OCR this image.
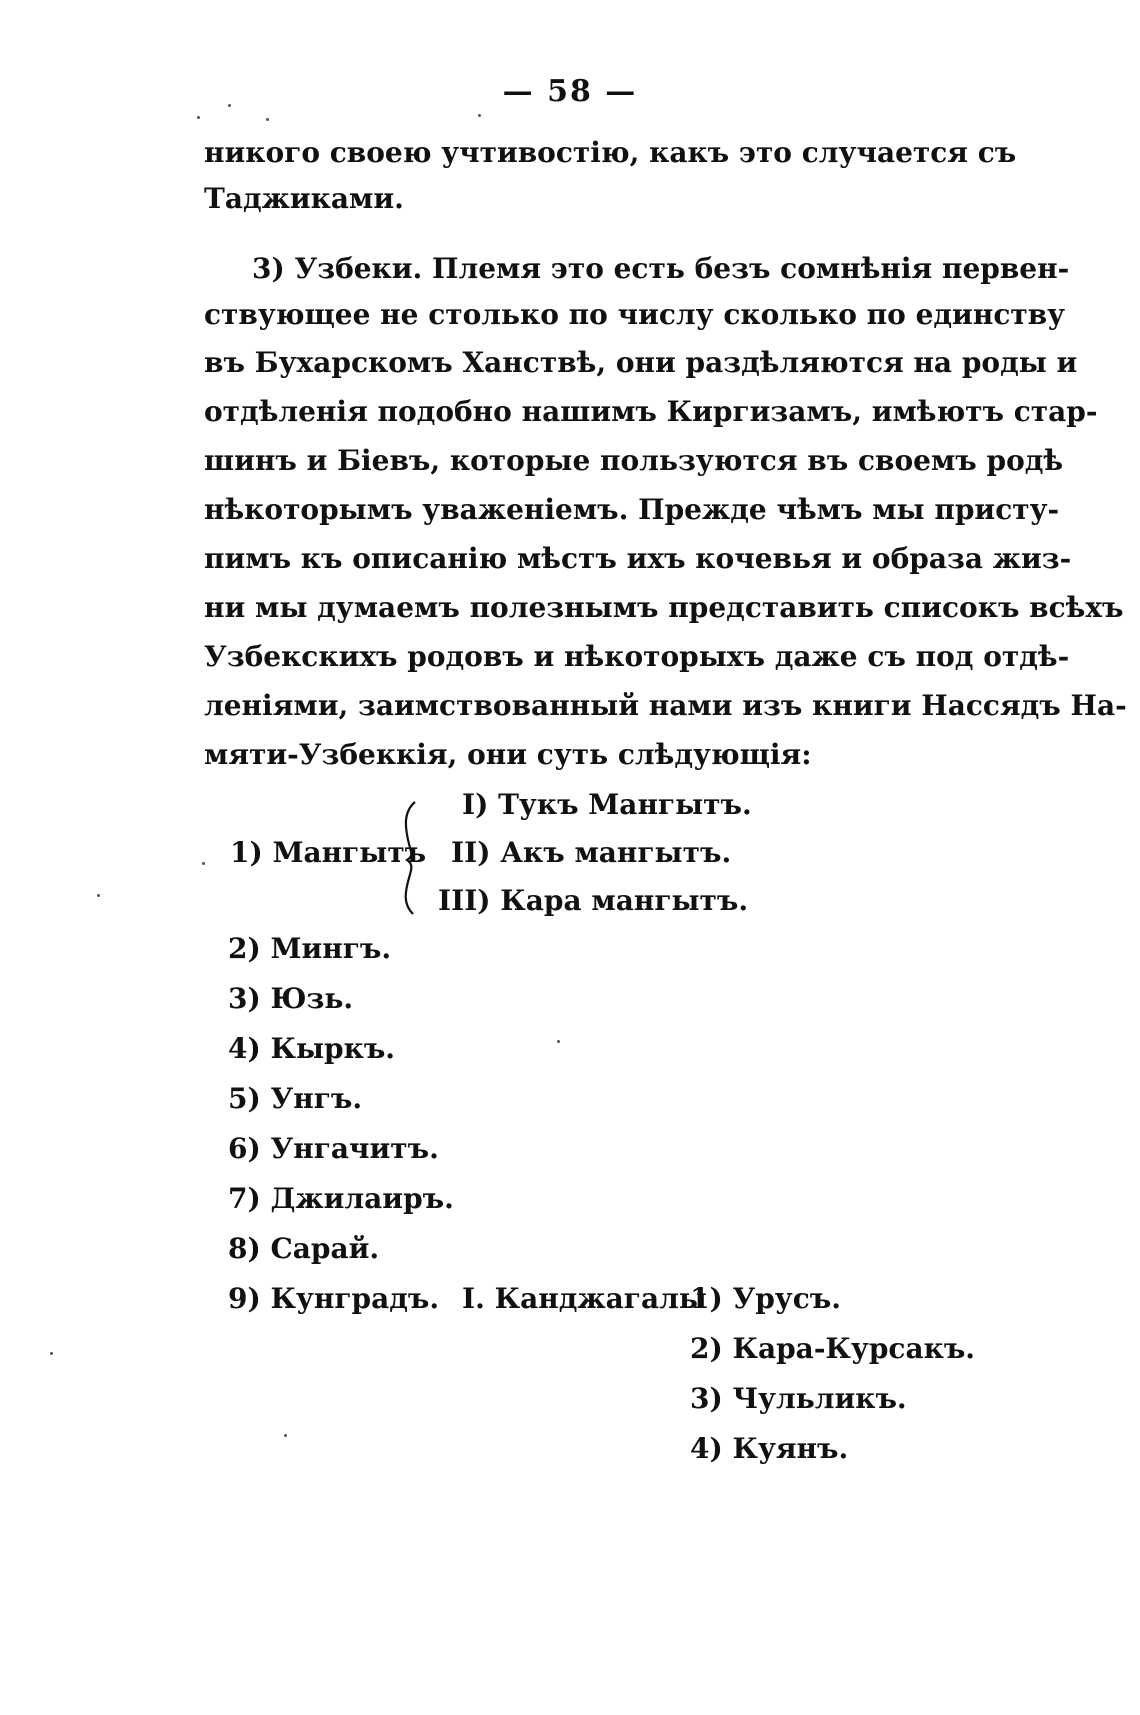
— 58 —
никого своею учтивостію, какъ это случается съ
Таджиками.
3) Узбеки. Племя это есть безъ сомнѣнія первен-
ствующее не столько по числу сколько по единству
въ Бухарскомъ Ханствѣ, они раздѣляются на роды и
отдѣленія подобно нашимъ Киргизамъ, имѣютъ стар-
шинъ и Біевъ, которые пользуются въ своемъ родѣ
нѣкоторымъ уваженіемъ. Прежде чѣмъ мы присту-
пимъ къ описанію мѣстъ ихъ кочевья и образа жиз-
ни мы думаемъ полезнымъ представить списокъ всѣхъ
Узбекскихъ родовъ и нѣкоторыхъ даже съ под отдѣ-
леніями, заимствованный нами изъ книги Нассядъ На-
мяти-Узбеккія, они суть слѣдующія:
1) Мангытъ
I) Тукъ Мангытъ.
II) Акъ мангытъ.
III) Кара мангытъ.
2) Мингъ.
3) Юзь.
4) Кыркъ.
5) Унгъ.
6) Унгачитъ.
7) Джилаиръ.
8) Сарай.
9) Кунградъ. I. Канджагалы
1) Урусъ.
2) Кара-Курсакъ.
3) Чульликъ.
4) Куянъ.
